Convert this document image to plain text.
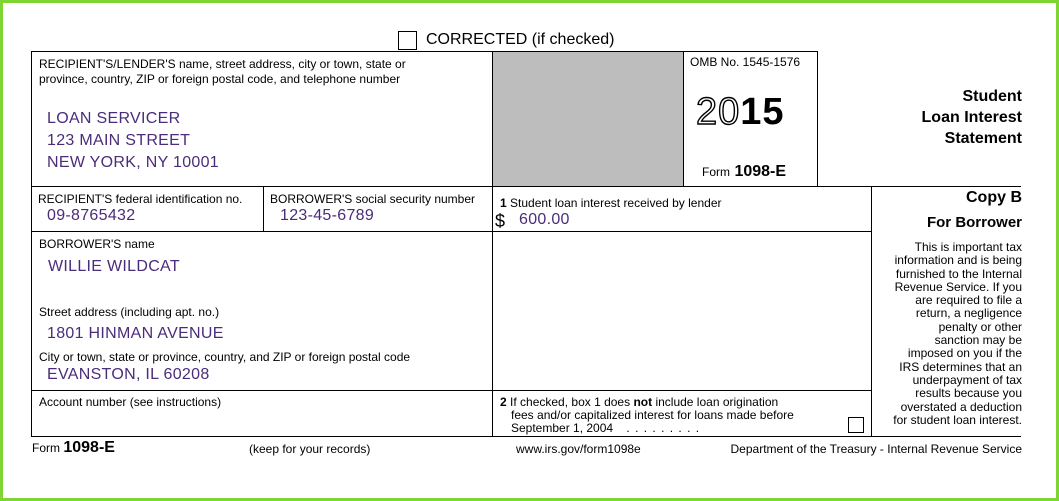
CORRECTED (if checked)
RECIPIENT'S/LENDER'S name, street address, city or town, state or
province, country, ZIP or foreign postal code, and telephone number
LOAN SERVICER
123 MAIN STREET
NEW YORK, NY 10001
OMB No. 1545-1576
2015
Form 1098-E
Student
Loan Interest
Statement
RECIPIENT'S federal identification no.
09-8765432
BORROWER'S social security number
123-45-6789
1 Student loan interest received by lender
$ 600.00
Copy B
For Borrower
This is important tax
information and is being
furnished to the Internal
Revenue Service. If you
are required to file a
return, a negligence
penalty or other
sanction may be
imposed on you if the
IRS determines that an
underpayment of tax
results because you
overstated a deduction
for student loan interest.
BORROWER'S name
WILLIE WILDCAT
Street address (including apt. no.)
1801 HINMAN AVENUE
City or town, state or province, country, and ZIP or foreign postal code
EVANSTON, IL 60208
Account number (see instructions)	2 If checked, box 1 does not include loan origination
fees and/or capitalized interest for loans made before
September 1, 2004 . . . . . . . . .
Form 1098-E	(keep for your records)	www.irs.gov/form1098e	Department of the Treasury - Internal Revenue Service
